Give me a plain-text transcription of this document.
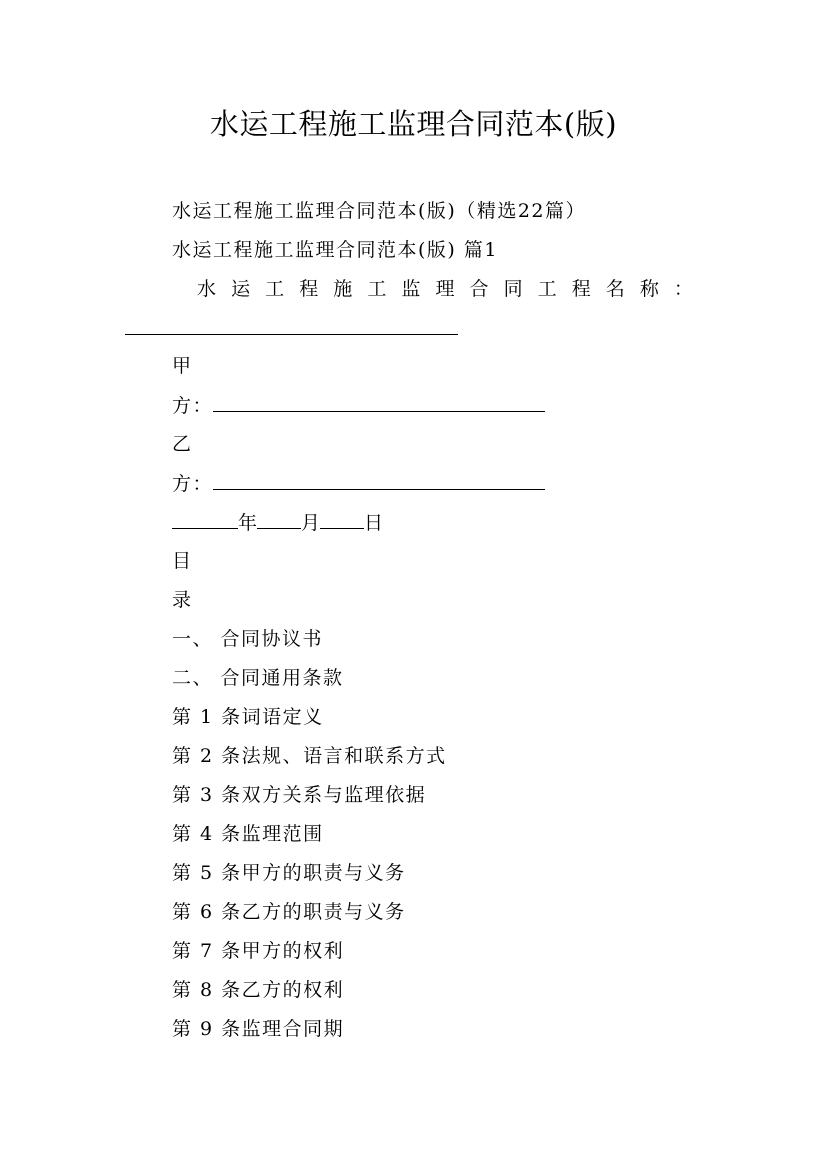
水运工程施工监理合同范本(版)
水运工程施工监理合同范本(版)（精选22篇）
水运工程施工监理合同范本(版) 篇1
水 运 工 程 施 工 监 理 合 同 工 程 名 称 ：
甲
方：
乙
方：
年 月 日
目
录
一、 合同协议书
二、 合同通用条款
第 1 条词语定义
第 2 条法规、语言和联系方式
第 3 条双方关系与监理依据
第 4 条监理范围
第 5 条甲方的职责与义务
第 6 条乙方的职责与义务
第 7 条甲方的权利
第 8 条乙方的权利
第 9 条监理合同期
